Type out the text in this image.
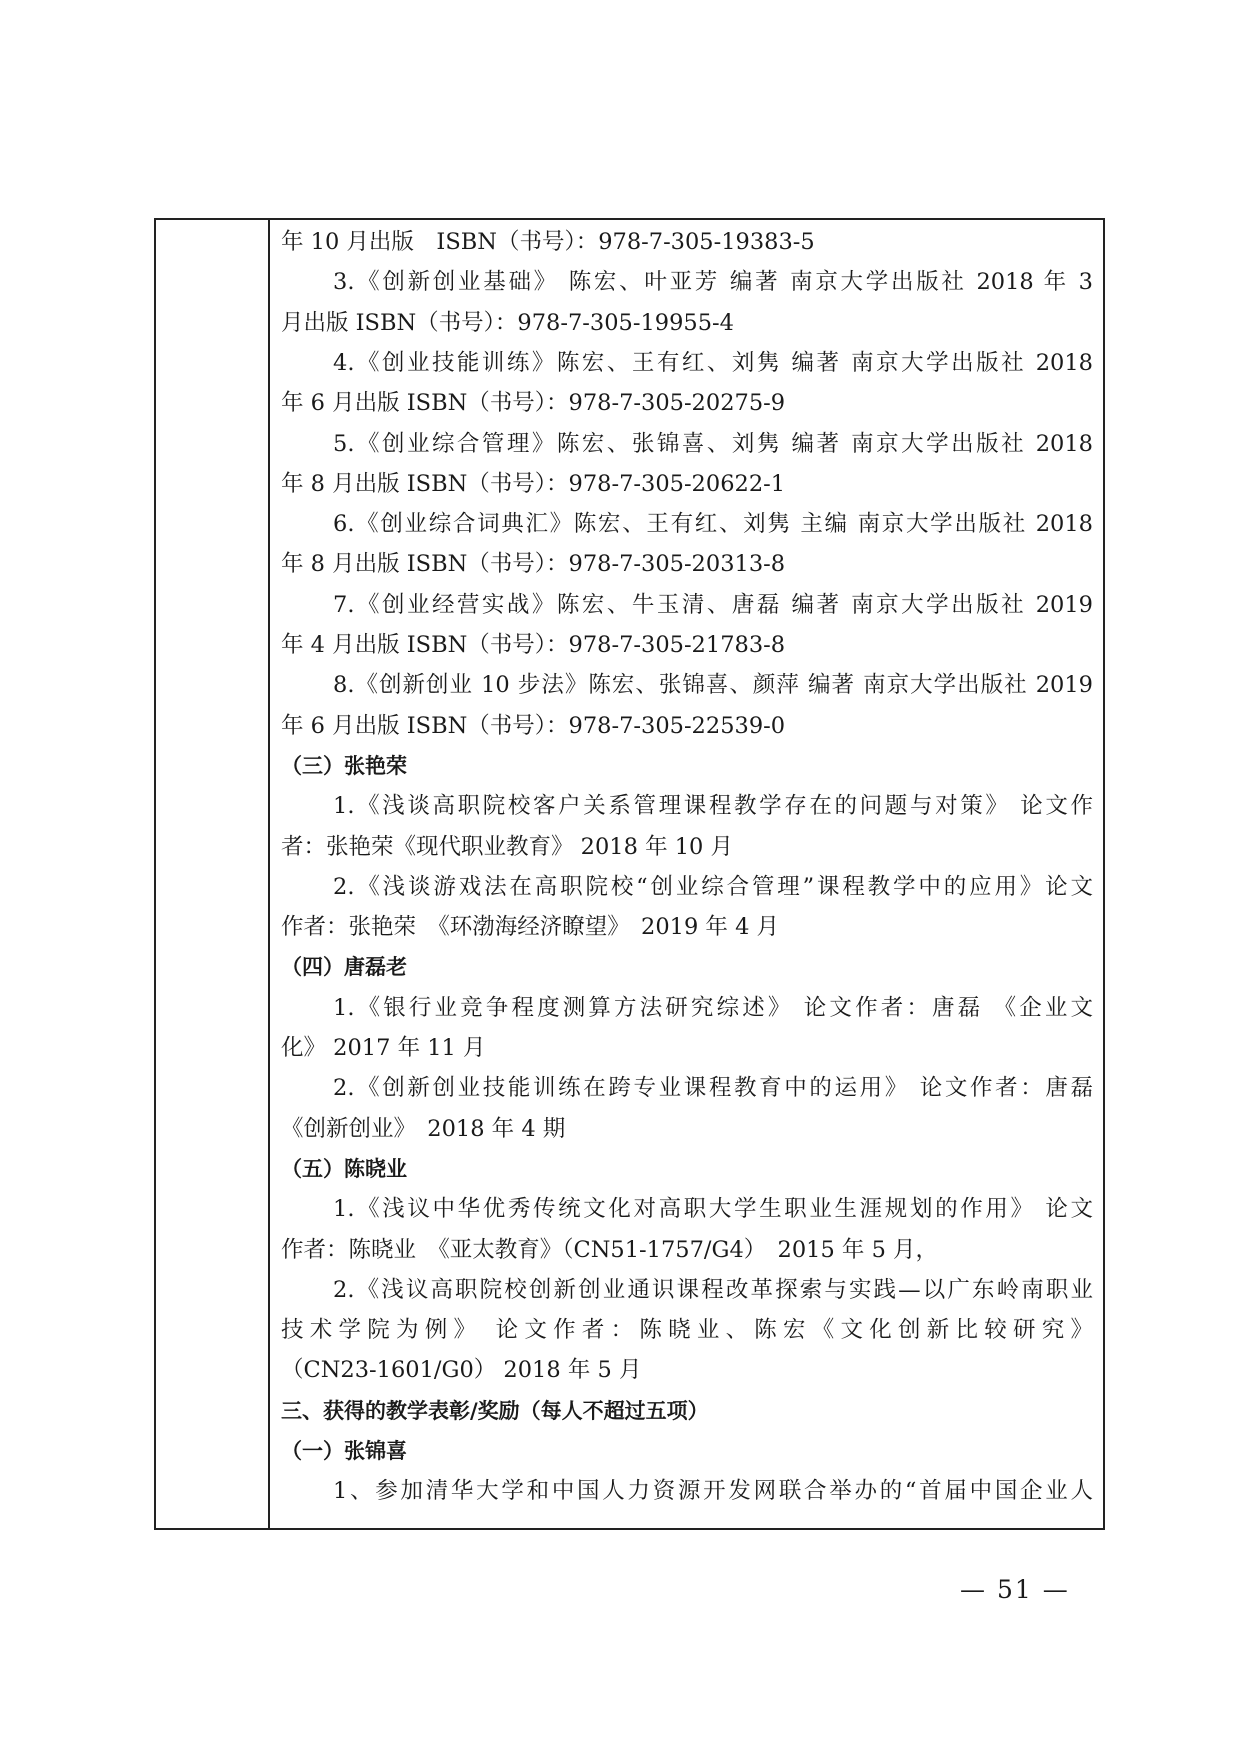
年 10 月出版　ISBN（书号）：978-7-305-19383-5
3.《创新创业基础》 陈宏、叶亚芳 编著 南京大学出版社 2018 年 3
月出版 ISBN（书号）：978-7-305-19955-4
4.《创业技能训练》陈宏、王有红、刘隽 编著 南京大学出版社 2018
年 6 月出版 ISBN（书号）：978-7-305-20275-9
5.《创业综合管理》陈宏、张锦喜、刘隽 编著 南京大学出版社 2018
年 8 月出版 ISBN（书号）：978-7-305-20622-1
6.《创业综合词典汇》陈宏、王有红、刘隽 主编 南京大学出版社 2018
年 8 月出版 ISBN（书号）：978-7-305-20313-8
7.《创业经营实战》陈宏、牛玉清、唐磊 编著 南京大学出版社 2019
年 4 月出版 ISBN（书号）：978-7-305-21783-8
8.《创新创业 10 步法》陈宏、张锦喜、颜萍 编著 南京大学出版社 2019
年 6 月出版 ISBN（书号）：978-7-305-22539-0
（三）张艳荣
1.《浅谈高职院校客户关系管理课程教学存在的问题与对策》 论文作
者：张艳荣《现代职业教育》 2018 年 10 月
2.《浅谈游戏法在高职院校“创业综合管理”课程教学中的应用》论文
作者：张艳荣　《环渤海经济瞭望》　2019 年 4 月
（四）唐磊老
1.《银行业竞争程度测算方法研究综述》 论文作者：唐磊 《企业文
化》 2017 年 11 月
2.《创新创业技能训练在跨专业课程教育中的运用》 论文作者：唐磊
《创新创业》　2018 年 4 期
（五）陈晓业
1.《浅议中华优秀传统文化对高职大学生职业生涯规划的作用》 论文
作者：陈晓业　《亚太教育》（CN51-1757/G4）　2015 年 5 月，
2.《浅议高职院校创新创业通识课程改革探索与实践—以广东岭南职业
技术学院为例》 论文作者：陈晓业、陈宏《文化创新比较研究》
（CN23-1601/G0） 2018 年 5 月
三、获得的教学表彰/奖励（每人不超过五项）
（一）张锦喜
1、参加清华大学和中国人力资源开发网联合举办的“首届中国企业人
— 51 —
